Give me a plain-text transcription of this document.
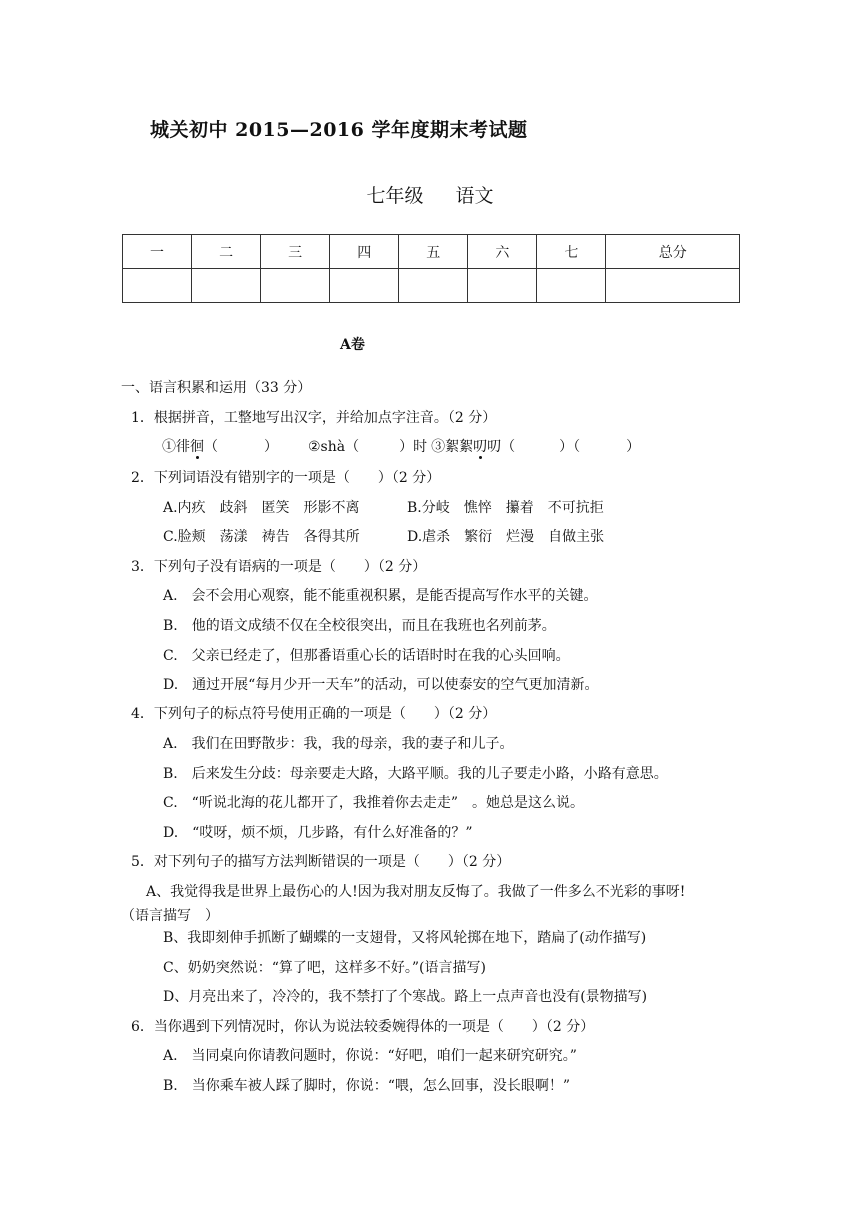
城关初中 2015—2016 学年度期末考试题
七年级 语文
一	二	三	四	五	六	七	总分

A卷
一、语言积累和运用（33 分）
1．根据拼音，工整地写出汉字，并给加点字注音。（2 分）
①徘徊（	） ②shà（	）时 ③絮絮叨叨（	）（	）
2．下列词语没有错别字的一项是（　　）（2 分）
A.内疚　歧斜　匿笑　形影不离	B.分岐　憔悴　攥着　不可抗拒
C.脸颊　荡漾　祷告　各得其所	D.虐杀　繁衍　烂漫　自做主张
3．下列句子没有语病的一项是（　　）（2 分）
A.　会不会用心观察，能不能重视积累，是能否提高写作水平的关键。
B.　他的语文成绩不仅在全校很突出，而且在我班也名列前茅。
C.　父亲已经走了，但那番语重心长的话语时时在我的心头回响。
D.　通过开展“每月少开一天车”的活动，可以使泰安的空气更加清新。
4．下列句子的标点符号使用正确的一项是（　　）（2 分）
A.　我们在田野散步：我，我的母亲，我的妻子和儿子。
B.　后来发生分歧：母亲要走大路，大路平顺。我的儿子要走小路，小路有意思。
C.　“听说北海的花儿都开了，我推着你去走走”　。她总是这么说。
D.　“哎呀，烦不烦，几步路，有什么好准备的？”
5．对下列句子的描写方法判断错误的一项是（　　）（2 分）
A、我觉得我是世界上最伤心的人!因为我对朋友反悔了。我做了一件多么不光彩的事呀!
（语言描写　）
B、我即刻伸手抓断了蝴蝶的一支翅骨，又将风轮掷在地下，踏扁了(动作描写)
C、奶奶突然说：“算了吧，这样多不好。”(语言描写)
D、月亮出来了，冷冷的，我不禁打了个寒战。路上一点声音也没有(景物描写)
6．当你遇到下列情况时，你认为说法较委婉得体的一项是（　　）（2 分）
A.　当同桌向你请教问题时，你说：“好吧，咱们一起来研究研究。”
B.　当你乘车被人踩了脚时，你说：“喂，怎么回事，没长眼啊！”
